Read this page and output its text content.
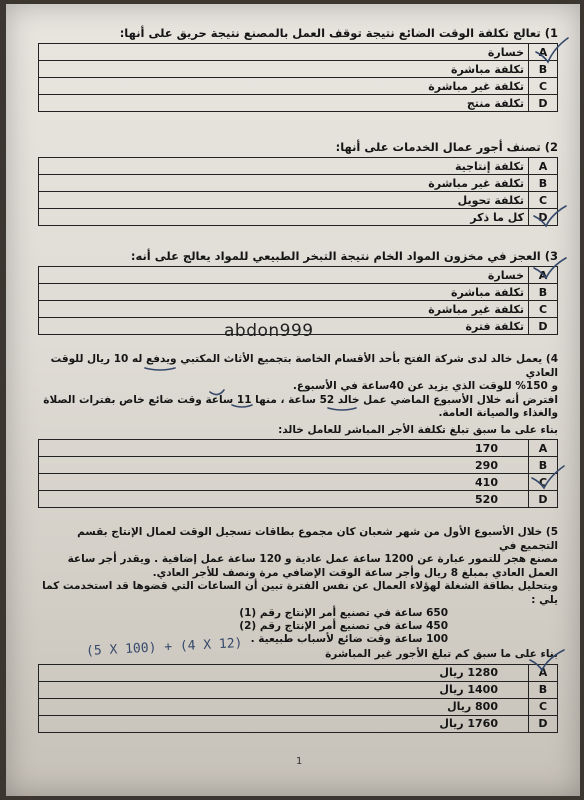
1) تعالج تكلفة الوقت الضائع نتيجة توقف العمل بالمصنع نتيجة حريق على أنها:
خسارة	A
تكلفة مباشرة	B
تكلفة غير مباشرة	C
تكلفة منتج	D
2) تصنف أجور عمال الخدمات على أنها:
تكلفة إنتاجية	A
تكلفة غير مباشرة	B
تكلفة تحويل	C
كل ما ذكر	D
3) العجز في مخزون المواد الخام نتيجة التبخر الطبيعي للمواد يعالج على أنه:
خسارة	A
تكلفة مباشرة	B
تكلفة غير مباشرة	C
تكلفة فترة	D
abdon999
4) يعمل خالد لدى شركة الفتح بأحد الأقسام الخاصة بتجميع الأثاث المكتبي ويدفع له 10 ريال للوقت العادي
و 150% للوقت الذي يزيد عن 40ساعة في الأسبوع.
افترض أنه خلال الأسبوع الماضي عمل خالد 52 ساعة ، منها 11 ساعة وقت ضائع خاص بفترات الصلاة
والغذاء والصيانة العامة.
بناء على ما سبق تبلغ تكلفة الأجر المباشر للعامل خالد:
170	A
290	B
410	C
520	D
5) خلال الأسبوع الأول من شهر شعبان كان مجموع بطاقات تسجيل الوقت لعمال الإنتاج بقسم التجميع في
مصنع هجر للتمور عبارة عن 1200 ساعة عمل عادية و 120 ساعة عمل إضافية . ويقدر أجر ساعة
العمل العادي بمبلغ 8 ريال وأجر ساعة الوقت الإضافي مرة ونصف للأجر العادي.
وبتحليل بطاقة الشغلة لهؤلاء العمال عن نفس الفترة تبين أن الساعات التي قضوها قد استخدمت كما يلي :
650 ساعة في تصنيع أمر الإنتاج رقم (1)
450 ساعة في تصنيع أمر الإنتاج رقم (2)
100 ساعة وقت ضائع لأسباب طبيعية .
بناء على ما سبق كم تبلغ الأجور غير المباشرة
1280 ريال	A
1400 ريال	B
800 ريال	C
1760 ريال	D
(5 X 100) + (4 X 12)
1
